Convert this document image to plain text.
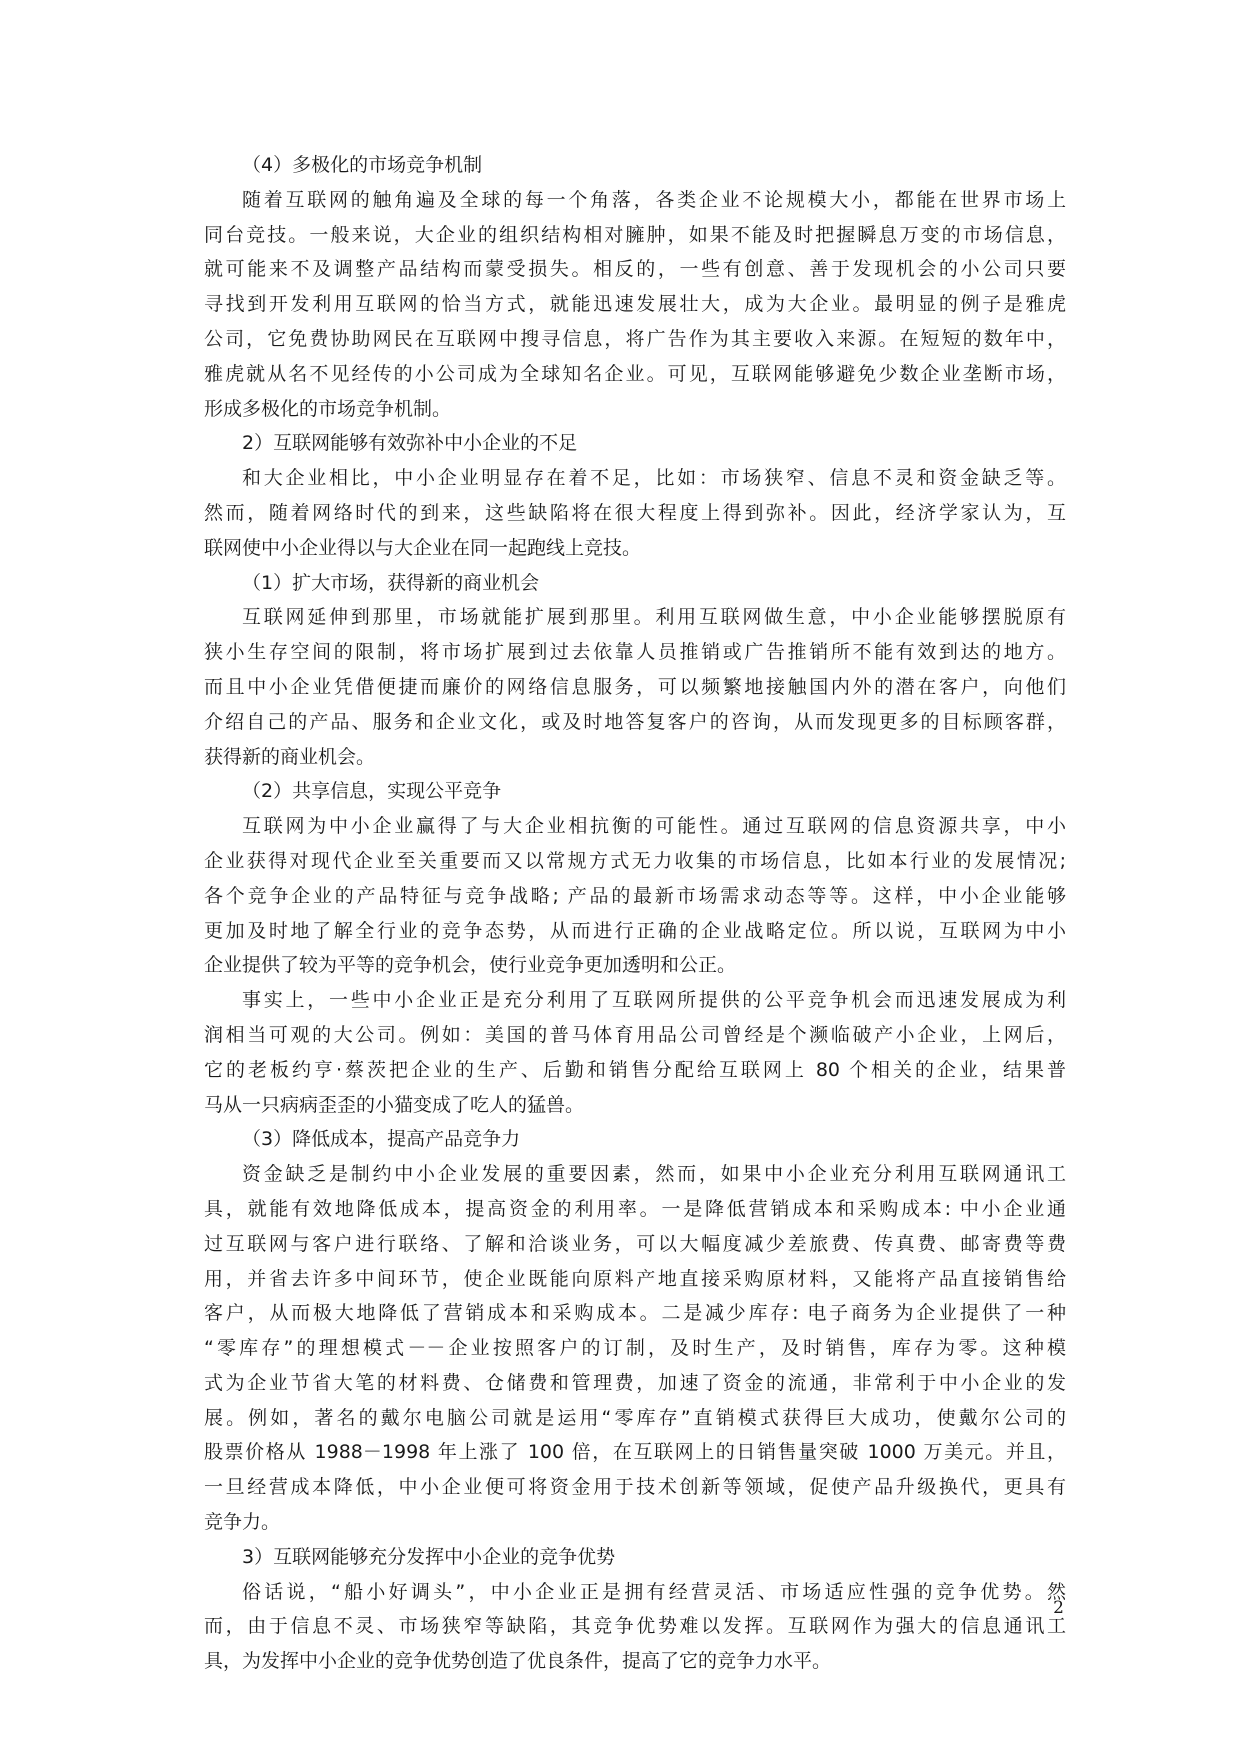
（4）多极化的市场竞争机制
随着互联网的触角遍及全球的每一个角落，各类企业不论规模大小，都能在世界市场上
同台竞技。一般来说，大企业的组织结构相对臃肿，如果不能及时把握瞬息万变的市场信息，
就可能来不及调整产品结构而蒙受损失。相反的，一些有创意、善于发现机会的小公司只要
寻找到开发利用互联网的恰当方式，就能迅速发展壮大，成为大企业。最明显的例子是雅虎
公司，它免费协助网民在互联网中搜寻信息，将广告作为其主要收入来源。在短短的数年中，
雅虎就从名不见经传的小公司成为全球知名企业。可见，互联网能够避免少数企业垄断市场，
形成多极化的市场竞争机制。
2）互联网能够有效弥补中小企业的不足
和大企业相比，中小企业明显存在着不足，比如：市场狭窄、信息不灵和资金缺乏等。
然而，随着网络时代的到来，这些缺陷将在很大程度上得到弥补。因此，经济学家认为，互
联网使中小企业得以与大企业在同一起跑线上竞技。
（1）扩大市场，获得新的商业机会
互联网延伸到那里，市场就能扩展到那里。利用互联网做生意，中小企业能够摆脱原有
狭小生存空间的限制，将市场扩展到过去依靠人员推销或广告推销所不能有效到达的地方。
而且中小企业凭借便捷而廉价的网络信息服务，可以频繁地接触国内外的潜在客户，向他们
介绍自己的产品、服务和企业文化，或及时地答复客户的咨询，从而发现更多的目标顾客群，
获得新的商业机会。
（2）共享信息，实现公平竞争
互联网为中小企业赢得了与大企业相抗衡的可能性。通过互联网的信息资源共享，中小
企业获得对现代企业至关重要而又以常规方式无力收集的市场信息，比如本行业的发展情况;
各个竞争企业的产品特征与竞争战略; 产品的最新市场需求动态等等。这样，中小企业能够
更加及时地了解全行业的竞争态势，从而进行正确的企业战略定位。所以说，互联网为中小
企业提供了较为平等的竞争机会，使行业竞争更加透明和公正。
事实上，一些中小企业正是充分利用了互联网所提供的公平竞争机会而迅速发展成为利
润相当可观的大公司。例如：美国的普马体育用品公司曾经是个濒临破产小企业，上网后，
它的老板约亨·蔡茨把企业的生产、后勤和销售分配给互联网上 80 个相关的企业，结果普
马从一只病病歪歪的小猫变成了吃人的猛兽。
（3）降低成本，提高产品竞争力
资金缺乏是制约中小企业发展的重要因素，然而，如果中小企业充分利用互联网通讯工
具，就能有效地降低成本，提高资金的利用率。一是降低营销成本和采购成本: 中小企业通
过互联网与客户进行联络、了解和洽谈业务，可以大幅度减少差旅费、传真费、邮寄费等费
用，并省去许多中间环节，使企业既能向原料产地直接采购原材料，又能将产品直接销售给
客户，从而极大地降低了营销成本和采购成本。二是减少库存: 电子商务为企业提供了一种
“零库存”的理想模式－－企业按照客户的订制，及时生产，及时销售，库存为零。这种模
式为企业节省大笔的材料费、仓储费和管理费，加速了资金的流通，非常利于中小企业的发
展。例如，著名的戴尔电脑公司就是运用“零库存”直销模式获得巨大成功，使戴尔公司的
股票价格从 1988－1998 年上涨了 100 倍，在互联网上的日销售量突破 1000 万美元。并且，
一旦经营成本降低，中小企业便可将资金用于技术创新等领域，促使产品升级换代，更具有
竞争力。
3）互联网能够充分发挥中小企业的竞争优势
俗话说，“船小好调头”，中小企业正是拥有经营灵活、市场适应性强的竞争优势。然
而，由于信息不灵、市场狭窄等缺陷，其竞争优势难以发挥。互联网作为强大的信息通讯工
具，为发挥中小企业的竞争优势创造了优良条件，提高了它的竞争力水平。
2
